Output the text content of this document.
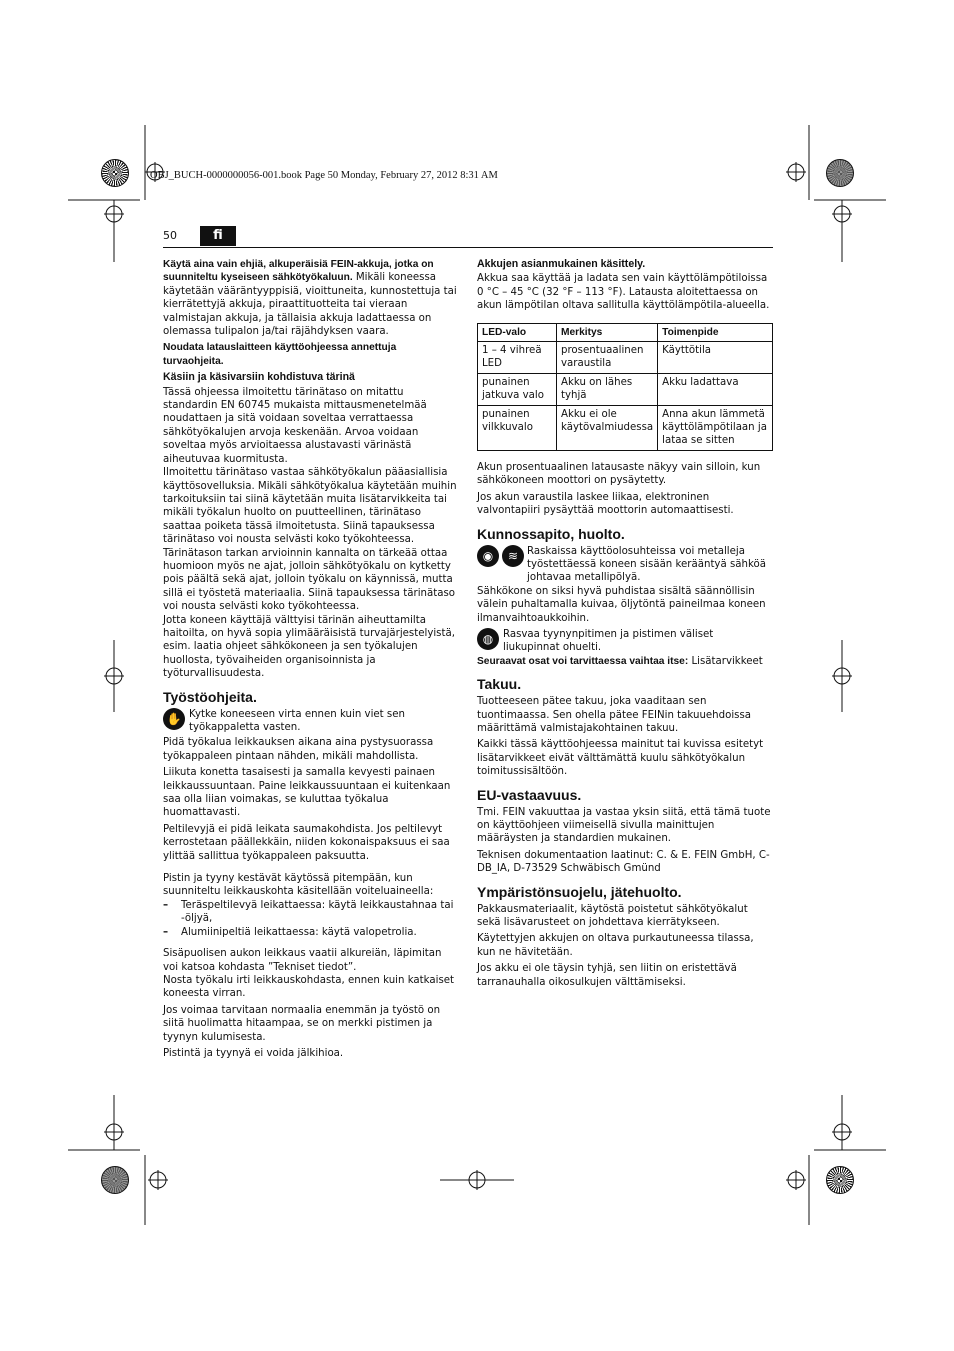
OBJ_BUCH-0000000056-001.book Page 50 Monday, February 27, 2012 8:31 AM
50	fi

Käytä aina vain ehjiä, alkuperäisiä FEIN-akkuja, jotka on suunniteltu kyseiseen sähkötyökaluun. Mikäli koneessa käytetään vääräntyyppisiä, vioittuneita, kunnostettuja tai kierrätettyjä akkuja, piraattituotteita tai vieraan valmistajan akkuja, ja tällaisia akkuja ladattaessa on olemassa tulipalon ja/tai räjähdyksen vaara.

Noudata latauslaitteen käyttöohjeessa annettuja turvaohjeita.

Käsiin ja käsivarsiin kohdistuva tärinä

Tässä ohjeessa ilmoitettu tärinätaso on mitattu standardin EN 60745 mukaista mittausmenetelmää noudattaen ja sitä voidaan soveltaa verrattaessa sähkötyökalujen arvoja keskenään. Arvoa voidaan soveltaa myös arvioitaessa alustavasti värinästä aiheutuvaa kuormitusta.
Ilmoitettu tärinätaso vastaa sähkötyökalun pääasiallisia käyttösovelluksia. Mikäli sähkötyökalua käytetään muihin tarkoituksiin tai siinä käytetään muita lisätarvikkeita tai mikäli työkalun huolto on puutteellinen, tärinätaso saattaa poiketa tässä ilmoitetusta. Siinä tapauksessa tärinätaso voi nousta selvästi koko työkohteessa.
Tärinätason tarkan arvioinnin kannalta on tärkeää ottaa huomioon myös ne ajat, jolloin sähkötyökalu on kytketty pois päältä sekä ajat, jolloin työkalu on käynnissä, mutta sillä ei työstetä materiaalia. Siinä tapauksessa tärinätaso voi nousta selvästi koko työkohteessa.
Jotta koneen käyttäjä välttyisi tärinän aiheuttamilta haitoilta, on hyvä sopia ylimääräisistä turvajärjestelyistä, esim. laatia ohjeet sähkökoneen ja sen työkalujen huollosta, työvaiheiden organisoinnista ja työturvallisuudesta.

Työstöohjeita.
✋ Kytke koneeseen virta ennen kuin viet sen työkappaletta vasten.

Pidä työkalua leikkauksen aikana aina pystysuorassa työkappaleen pintaan nähden, mikäli mahdollista.

Liikuta konetta tasaisesti ja samalla kevyesti painaen leikkaussuuntaan. Paine leikkaussuuntaan ei kuitenkaan saa olla liian voimakas, se kuluttaa työkalua huomattavasti.

Peltilevyjä ei pidä leikata saumakohdista. Jos peltilevyt kerrostetaan päällekkäin, niiden kokonaispaksuus ei saa ylittää sallittua työkappaleen paksuutta.

Pistin ja tyyny kestävät käytössä pitempään, kun suunniteltu leikkauskohta käsitellään voiteluaineella:

–	Teräspeltilevyä leikattaessa: käytä leikkaustahnaa tai -öljyä,
–	Alumiinipeltiä leikattaessa: käytä valopetrolia.

Sisäpuolisen aukon leikkaus vaatii alkureiän, läpimitan voi katsoa kohdasta ”Tekniset tiedot”.

Nosta työkalu irti leikkauskohdasta, ennen kuin katkaiset koneesta virran.

Jos voimaa tarvitaan normaalia enemmän ja työstö on siitä huolimatta hitaampaa, se on merkki pistimen ja tyynyn kulumisesta.

Pistintä ja tyynyä ei voida jälkihioa.

Akkujen asianmukainen käsittely.

Akkua saa käyttää ja ladata sen vain käyttölämpötiloissa 0 °C – 45 °C (32 °F – 113 °F). Latausta aloitettaessa on akun lämpötilan oltava sallitulla käyttölämpötila-alueella.

LED-valo	Merkitys	Toimenpide
1 – 4 vihreä LED	prosentuaalinen varaustila	Käyttötila
punainen jatkuva valo	Akku on lähes tyhjä	Akku ladattava
punainen vilkkuvalo	Akku ei ole käytövalmiudessa	Anna akun lämmetä käyttölämpötilaan ja lataa se sitten

Akun prosentuaalinen latausaste näkyy vain silloin, kun sähkökoneen moottori on pysäytetty.

Jos akun varaustila laskee liikaa, elektroninen valvontapiiri pysäyttää moottorin automaattisesti.

Kunnossapito, huolto.
◉	≋ Raskaissa käyttöolosuhteissa voi metalleja työstettäessä koneen sisään kerääntyä sähköä johtavaa metallipölyä.

Sähkökone on siksi hyvä puhdistaa sisältä säännöllisin välein puhaltamalla kuivaa, öljytöntä paineilmaa koneen ilmanvaihtoaukkoihin.

◍ Rasvaa tyynynpitimen ja pistimen väliset liukupinnat ohuelti.

Seuraavat osat voi tarvittaessa vaihtaa itse: Lisätarvikkeet

Takuu.

Tuotteeseen pätee takuu, joka vaaditaan sen tuontimaassa. Sen ohella pätee FEINin takuuehdoissa määrittämä valmistajakohtainen takuu.

Kaikki tässä käyttöohjeessa mainitut tai kuvissa esitetyt lisätarvikkeet eivät välttämättä kuulu sähkötyökalun toimitussisältöön.

EU-vastaavuus.

Tmi. FEIN vakuuttaa ja vastaa yksin siitä, että tämä tuote on käyttöohjeen viimeisellä sivulla mainittujen määräysten ja standardien mukainen.

Teknisen dokumentaation laatinut: C. & E. FEIN GmbH, C-DB_IA, D-73529 Schwäbisch Gmünd

Ympäristönsuojelu, jätehuolto.

Pakkausmateriaalit, käytöstä poistetut sähkötyökalut sekä lisävarusteet on johdettava kierrätykseen.

Käytettyjen akkujen on oltava purkautuneessa tilassa, kun ne hävitetään.

Jos akku ei ole täysin tyhjä, sen liitin on eristettävä tarranauhalla oikosulkujen välttämiseksi.
